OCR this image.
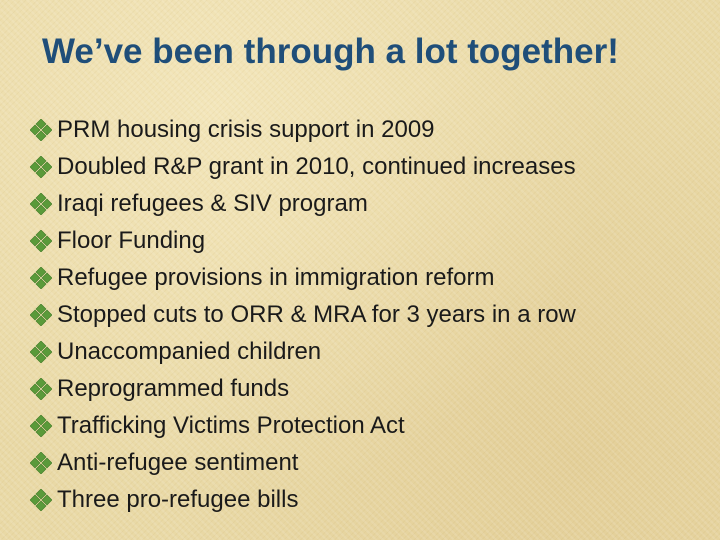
We’ve been through a lot together!
PRM housing crisis support in 2009
Doubled R&P grant in 2010, continued increases
Iraqi refugees & SIV program
Floor Funding
Refugee provisions in immigration reform
Stopped cuts to ORR & MRA for 3 years in a row
Unaccompanied children
Reprogrammed funds
Trafficking Victims Protection Act
Anti-refugee sentiment
Three pro-refugee bills
